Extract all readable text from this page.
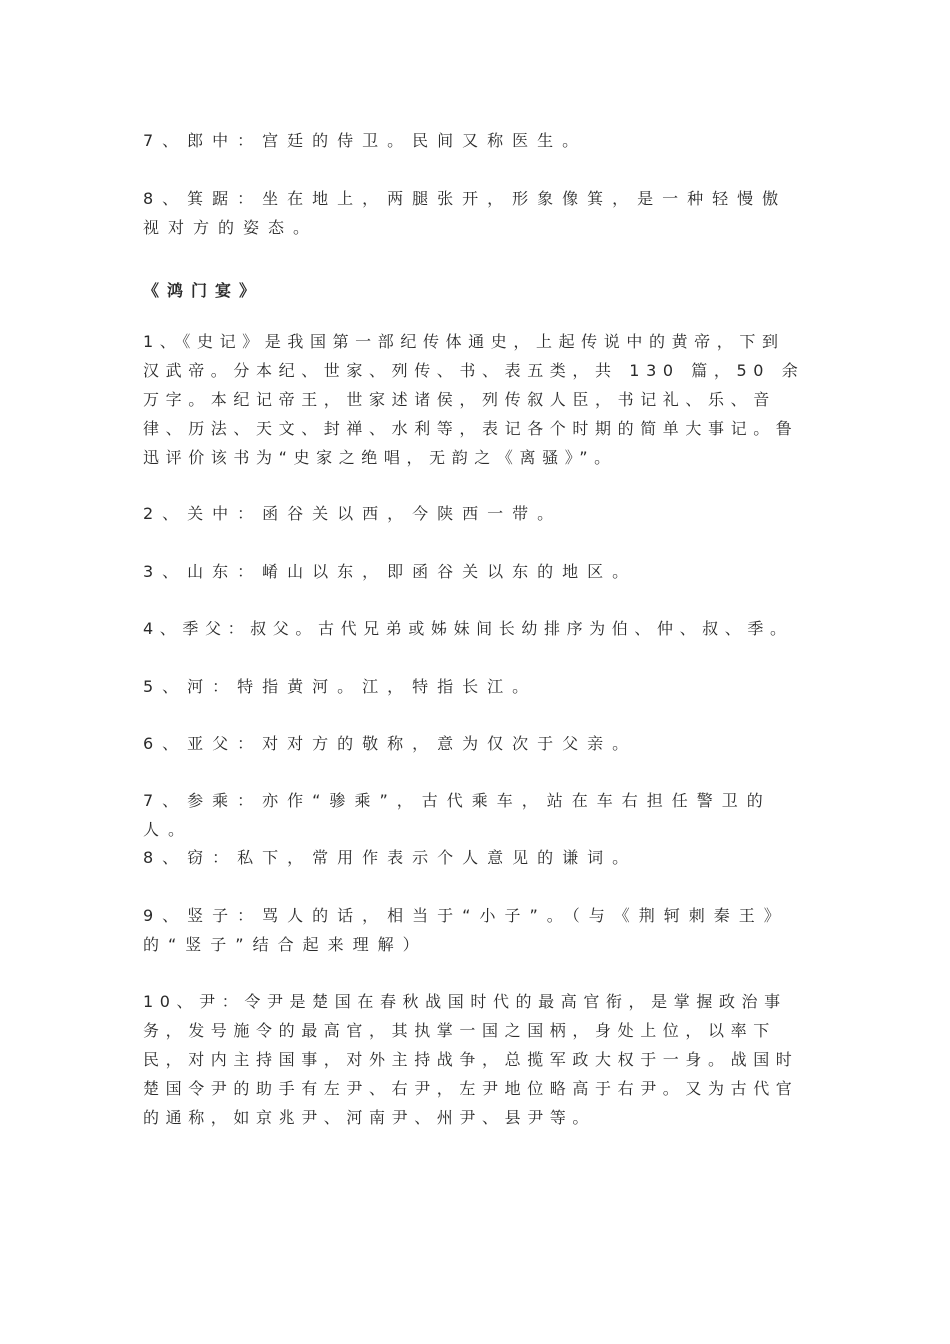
7、郎中：宫廷的侍卫。民间又称医生。

8、箕踞：坐在地上，两腿张开，形象像箕，是一种轻慢傲视对方的姿态。

《鸿门宴》

1、《史记》是我国第一部纪传体通史，上起传说中的黄帝，下到汉武帝。分本纪、世家、列传、书、表五类，共 130 篇，50 余万字。本纪记帝王，世家述诸侯，列传叙人臣，书记礼、乐、音律、历法、天文、封禅、水利等，表记各个时期的简单大事记。鲁迅评价该书为“史家之绝唱，无韵之《离骚》”。

2、关中：函谷关以西，今陕西一带。

3、山东：崤山以东，即函谷关以东的地区。

4、季父：叔父。古代兄弟或姊妹间长幼排序为伯、仲、叔、季。

5、河：特指黄河。江，特指长江。

6、亚父：对对方的敬称，意为仅次于父亲。

7、参乘：亦作“骖乘”，古代乘车，站在车右担任警卫的人。

8、窃：私下，常用作表示个人意见的谦词。

9、竖子：骂人的话，相当于“小子”。（与《荆轲刺秦王》的“竖子”结合起来理解）

10、尹：令尹是楚国在春秋战国时代的最高官衔，是掌握政治事务，发号施令的最高官，其执掌一国之国柄，身处上位，以率下民，对内主持国事，对外主持战争，总揽军政大权于一身。战国时楚国令尹的助手有左尹、右尹，左尹地位略高于右尹。又为古代官的通称，如京兆尹、河南尹、州尹、县尹等。
